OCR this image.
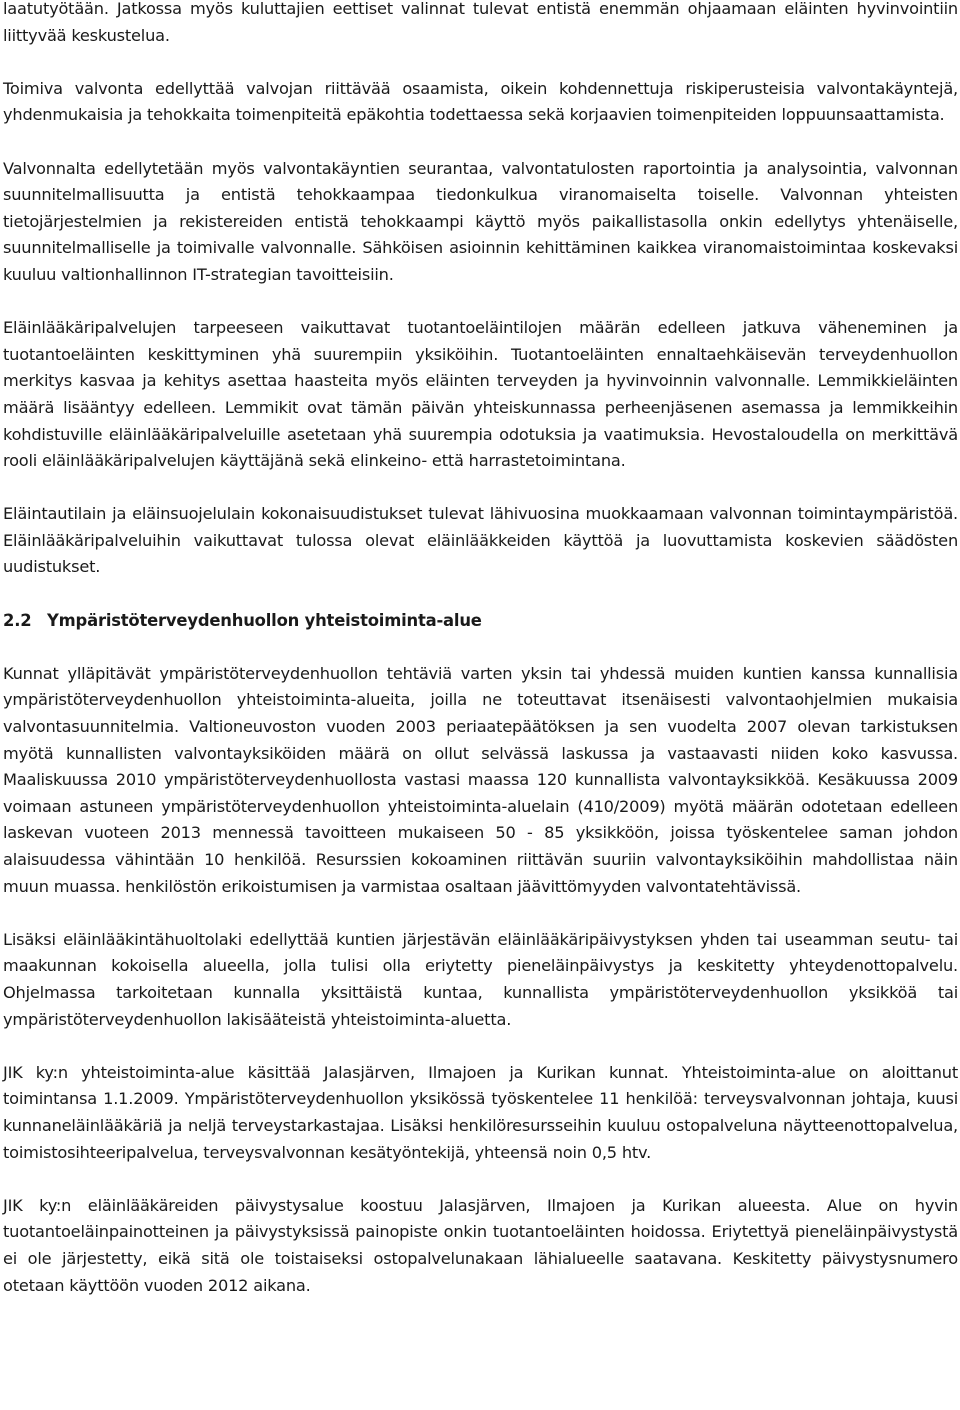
laatutyötään. Jatkossa myös kuluttajien eettiset valinnat tulevat entistä enemmän ohjaamaan eläinten hyvinvointiin liittyvää keskustelua.

Toimiva valvonta edellyttää valvojan riittävää osaamista, oikein kohdennettuja riskiperusteisia valvontakäyntejä, yhdenmukaisia ja tehokkaita toimenpiteitä epäkohtia todettaessa sekä korjaavien toimenpiteiden loppuunsaattamista.

Valvonnalta edellytetään myös valvontakäyntien seurantaa, valvontatulosten raportointia ja analysointia, valvonnan suunnitelmallisuutta ja entistä tehokkaampaa tiedonkulkua viranomaiselta toiselle. Valvonnan yhteisten tietojärjestelmien ja rekistereiden entistä tehokkaampi käyttö myös paikallistasolla onkin edellytys yhtenäiselle, suunnitelmalliselle ja toimivalle valvonnalle. Sähköisen asioinnin kehittäminen kaikkea viranomaistoimintaa koskevaksi kuuluu valtionhallinnon IT-strategian tavoitteisiin.

Eläinlääkäripalvelujen tarpeeseen vaikuttavat tuotantoeläintilojen määrän edelleen jatkuva väheneminen ja tuotantoeläinten keskittyminen yhä suurempiin yksiköihin. Tuotantoeläinten ennaltaehkäisevän terveydenhuollon merkitys kasvaa ja kehitys asettaa haasteita myös eläinten terveyden ja hyvinvoinnin valvonnalle. Lemmikkieläinten määrä lisääntyy edelleen. Lemmikit ovat tämän päivän yhteiskunnassa perheenjäsenen asemassa ja lemmikkeihin kohdistuville eläinlääkäripalveluille asetetaan yhä suurempia odotuksia ja vaatimuksia. Hevostaloudella on merkittävä rooli eläinlääkäripalvelujen käyttäjänä sekä elinkeino- että harrastetoimintana.

Eläintautilain ja eläinsuojelulain kokonaisuudistukset tulevat lähivuosina muokkaamaan valvonnan toimintaympäristöä. Eläinlääkäripalveluihin vaikuttavat tulossa olevat eläinlääkkeiden käyttöä ja luovuttamista koskevien säädösten uudistukset.

2.2 Ympäristöterveydenhuollon yhteistoiminta-alue

Kunnat ylläpitävät ympäristöterveydenhuollon tehtäviä varten yksin tai yhdessä muiden kuntien kanssa kunnallisia ympäristöterveydenhuollon yhteistoiminta-alueita, joilla ne toteuttavat itsenäisesti valvontaohjelmien mukaisia valvontasuunnitelmia. Valtioneuvoston vuoden 2003 periaatepäätöksen ja sen vuodelta 2007 olevan tarkistuksen myötä kunnallisten valvontayksiköiden määrä on ollut selvässä laskussa ja vastaavasti niiden koko kasvussa. Maaliskuussa 2010 ympäristöterveydenhuollosta vastasi maassa 120 kunnallista valvontayksikköä. Kesäkuussa 2009 voimaan astuneen ympäristöterveydenhuollon yhteistoiminta-aluelain (410/2009) myötä määrän odotetaan edelleen laskevan vuoteen 2013 mennessä tavoitteen mukaiseen 50 - 85 yksikköön, joissa työskentelee saman johdon alaisuudessa vähintään 10 henkilöä. Resurssien kokoaminen riittävän suuriin valvontayksiköihin mahdollistaa näin muun muassa. henkilöstön erikoistumisen ja varmistaa osaltaan jäävittömyyden valvontatehtävissä.

Lisäksi eläinlääkintähuoltolaki edellyttää kuntien järjestävän eläinlääkäripäivystyksen yhden tai useamman seutu- tai maakunnan kokoisella alueella, jolla tulisi olla eriytetty pieneläinpäivystys ja keskitetty yhteydenottopalvelu. Ohjelmassa tarkoitetaan kunnalla yksittäistä kuntaa, kunnallista ympäristöterveydenhuollon yksikköä tai ympäristöterveydenhuollon lakisääteistä yhteistoiminta-aluetta.

JIK ky:n yhteistoiminta-alue käsittää Jalasjärven, Ilmajoen ja Kurikan kunnat. Yhteistoiminta-alue on aloittanut toimintansa 1.1.2009. Ympäristöterveydenhuollon yksikössä työskentelee 11 henkilöä: terveysvalvonnan johtaja, kuusi kunnaneläinlääkäriä ja neljä terveystarkastajaa. Lisäksi henkilöresursseihin kuuluu ostopalveluna näytteenottopalvelua, toimistosihteeripalvelua, terveysvalvonnan kesätyöntekijä, yhteensä noin 0,5 htv.

JIK ky:n eläinlääkäreiden päivystysalue koostuu Jalasjärven, Ilmajoen ja Kurikan alueesta. Alue on hyvin tuotantoeläinpainotteinen ja päivystyksissä painopiste onkin tuotantoeläinten hoidossa. Eriytettyä pieneläinpäivystystä ei ole järjestetty, eikä sitä ole toistaiseksi ostopalvelunakaan lähialueelle saatavana. Keskitetty päivystysnumero otetaan käyttöön vuoden 2012 aikana.
